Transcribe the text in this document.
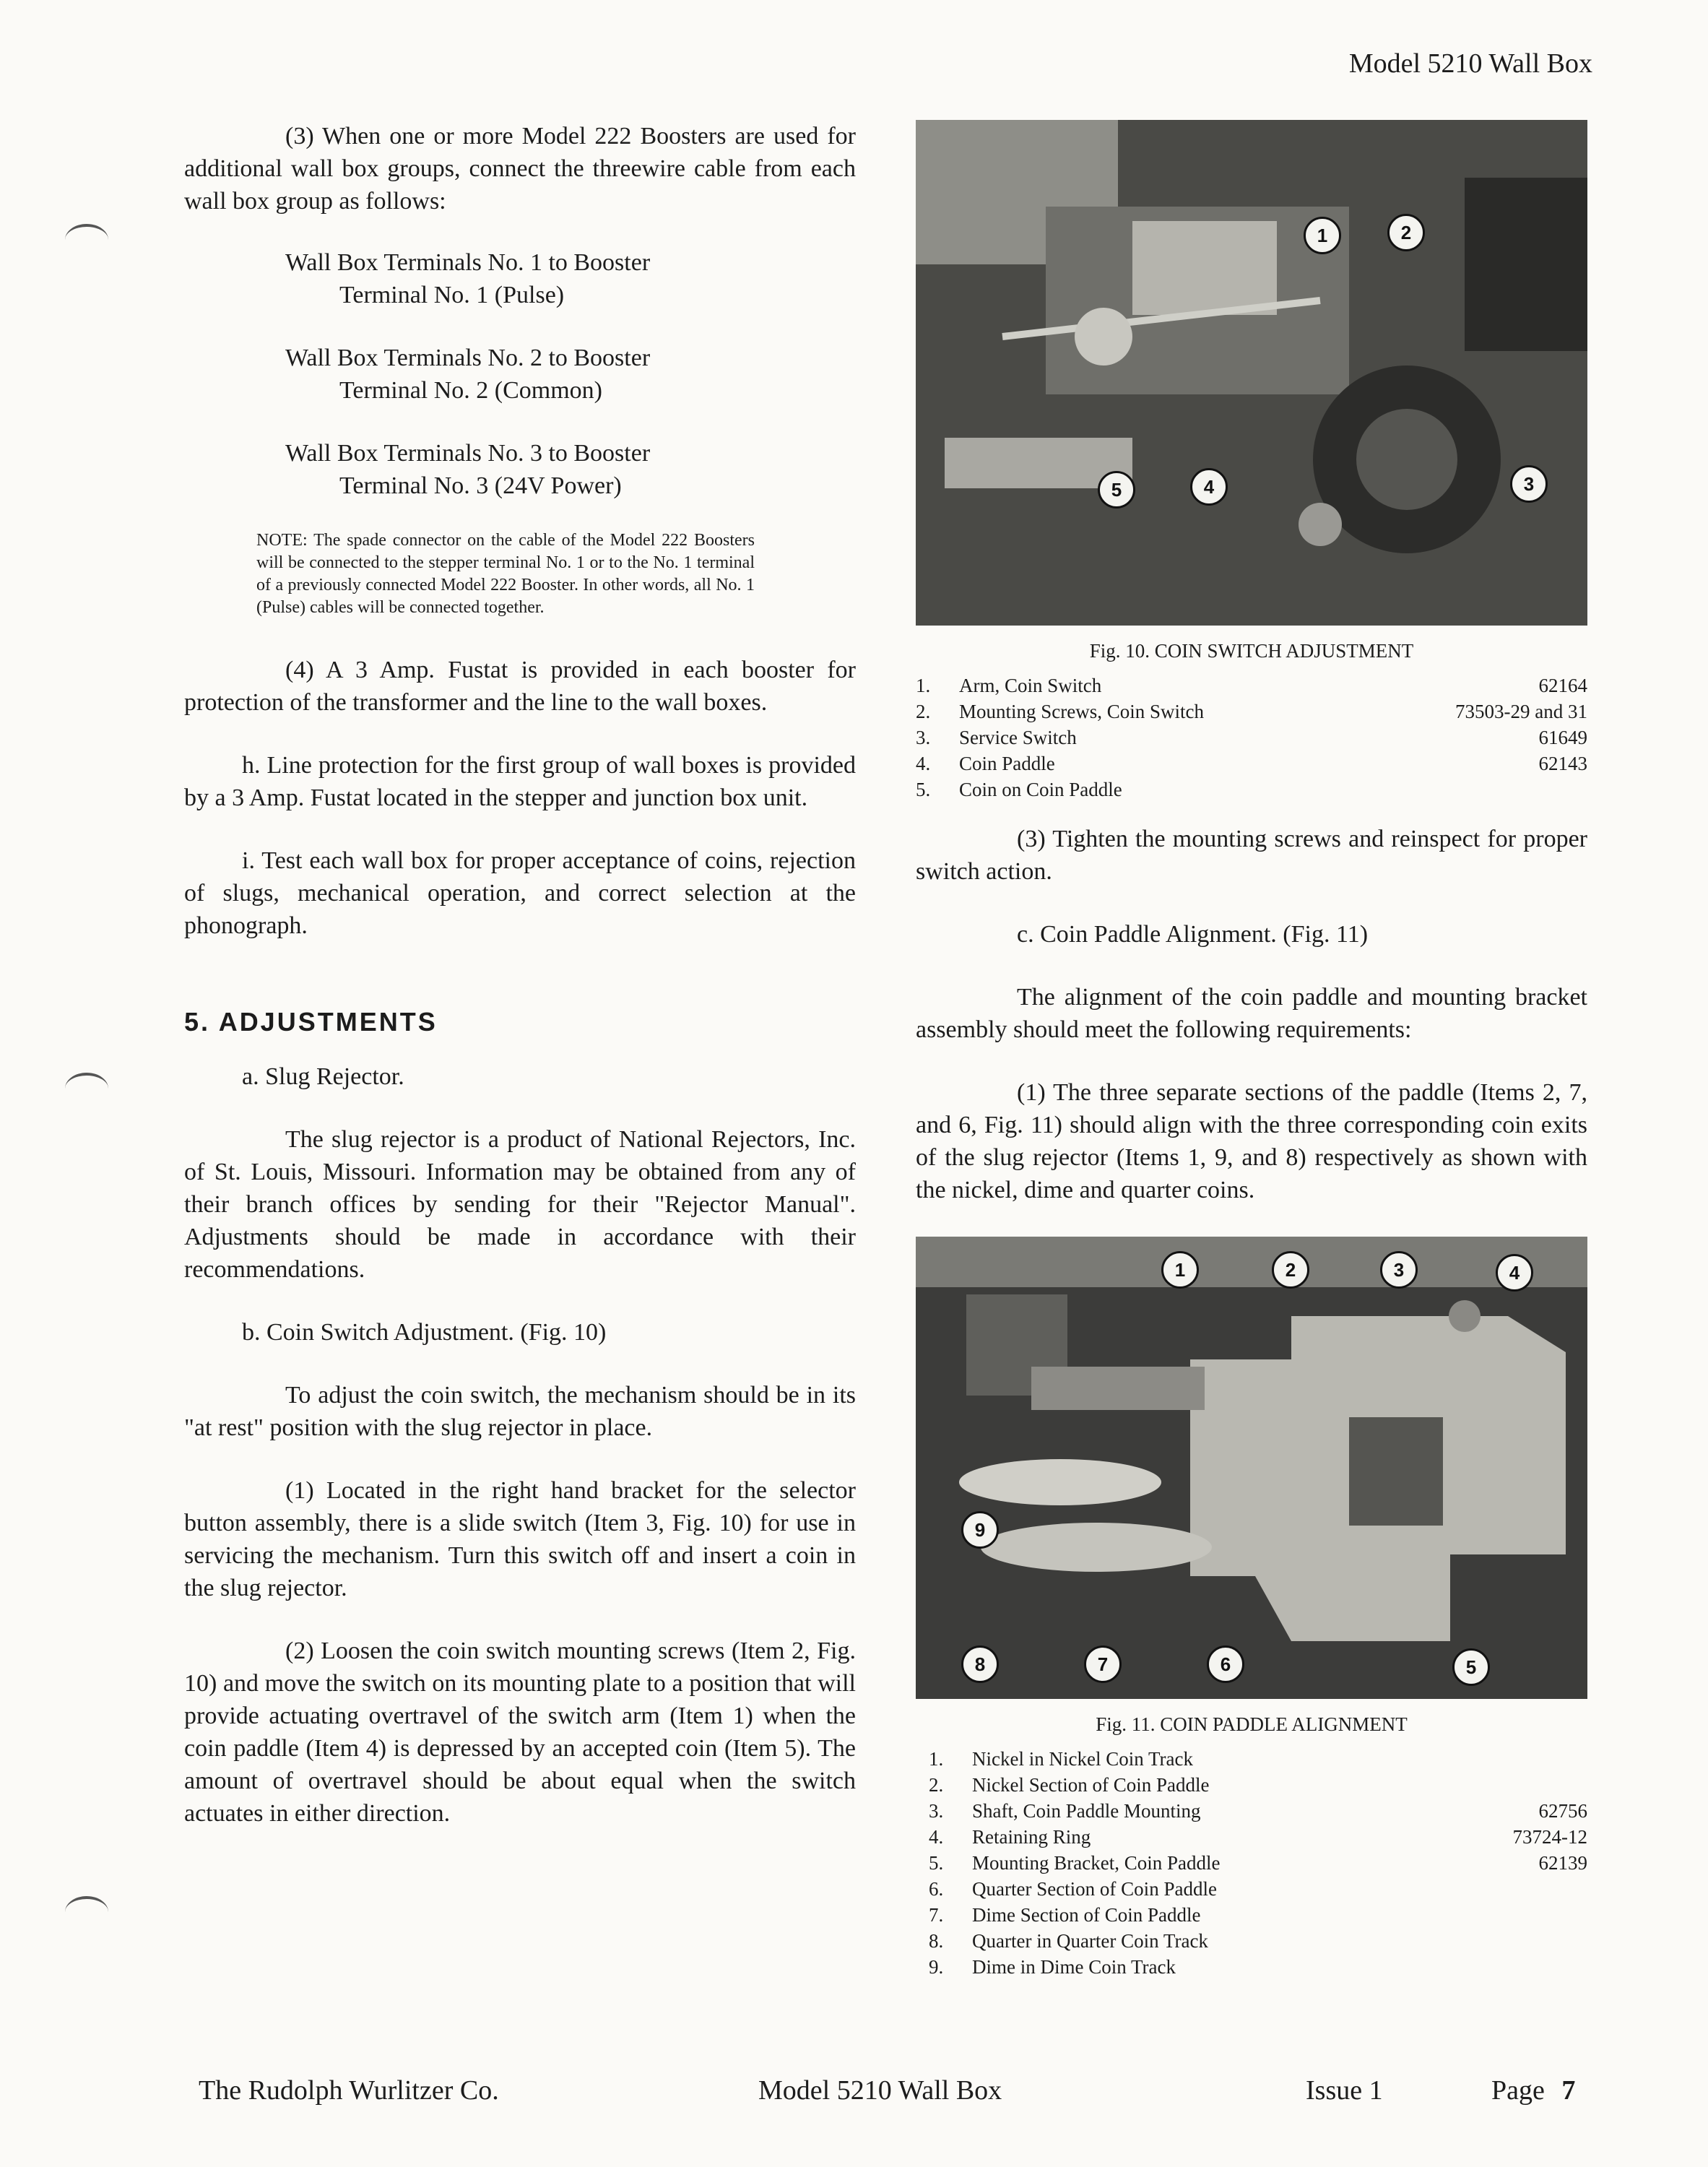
Model 5210 Wall Box

(3) When one or more Model 222 Boosters are used for additional wall box groups, connect the threewire cable from each wall box group as follows:

Wall Box Terminals No. 1 to Booster
Terminal No. 1 (Pulse)
Wall Box Terminals No. 2 to Booster
Terminal No. 2 (Common)
Wall Box Terminals No. 3 to Booster
Terminal No. 3 (24V Power)
NOTE: The spade connector on the cable of the Model 222 Boosters will be connected to the stepper terminal No. 1 or to the No. 1 terminal of a previously connected Model 222 Booster. In other words, all No. 1 (Pulse) cables will be connected together.

(4) A 3 Amp. Fustat is provided in each booster for protection of the transformer and the line to the wall boxes.

h. Line protection for the first group of wall boxes is provided by a 3 Amp. Fustat located in the stepper and junction box unit.

i. Test each wall box for proper acceptance of coins, rejection of slugs, mechanical operation, and correct selection at the phonograph.

5. ADJUSTMENTS

a. Slug Rejector.

The slug rejector is a product of National Rejectors, Inc. of St. Louis, Missouri. Information may be obtained from any of their branch offices by sending for their "Rejector Manual". Adjustments should be made in accordance with their recommendations.

b. Coin Switch Adjustment. (Fig. 10)

To adjust the coin switch, the mechanism should be in its "at rest" position with the slug rejector in place.

(1) Located in the right hand bracket for the selector button assembly, there is a slide switch (Item 3, Fig. 10) for use in servicing the mechanism. Turn this switch off and insert a coin in the slug rejector.

(2) Loosen the coin switch mounting screws (Item 2, Fig. 10) and move the switch on its mounting plate to a position that will provide actuating overtravel of the switch arm (Item 1) when the coin paddle (Item 4) is depressed by an accepted coin (Item 5). The amount of overtravel should be about equal when the switch actuates in either direction.

1	2
3
4
5
Fig. 10. COIN SWITCH ADJUSTMENT
1.	Arm, Coin Switch	62164
2.	Mounting Screws, Coin Switch	73503-29 and 31
3.	Service Switch	61649
4.	Coin Paddle	62143
5.	Coin on Coin Paddle	

(3) Tighten the mounting screws and reinspect for proper switch action.

c. Coin Paddle Alignment. (Fig. 11)

The alignment of the coin paddle and mounting bracket assembly should meet the following requirements:

(1) The three separate sections of the paddle (Items 2, 7, and 6, Fig. 11) should align with the three corresponding coin exits of the slug rejector (Items 1, 9, and 8) respectively as shown with the nickel, dime and quarter coins.

1	2	3	4
5
6
7
8
9
Fig. 11. COIN PADDLE ALIGNMENT
1.	Nickel in Nickel Coin Track	
2.	Nickel Section of Coin Paddle	
3.	Shaft, Coin Paddle Mounting	62756
4.	Retaining Ring	73724-12
5.	Mounting Bracket, Coin Paddle	62139
6.	Quarter Section of Coin Paddle	
7.	Dime Section of Coin Paddle	
8.	Quarter in Quarter Coin Track	
9.	Dime in Dime Coin Track	
The Rudolph Wurlitzer Co.	Model 5210 Wall Box	Issue 1	Page 7
